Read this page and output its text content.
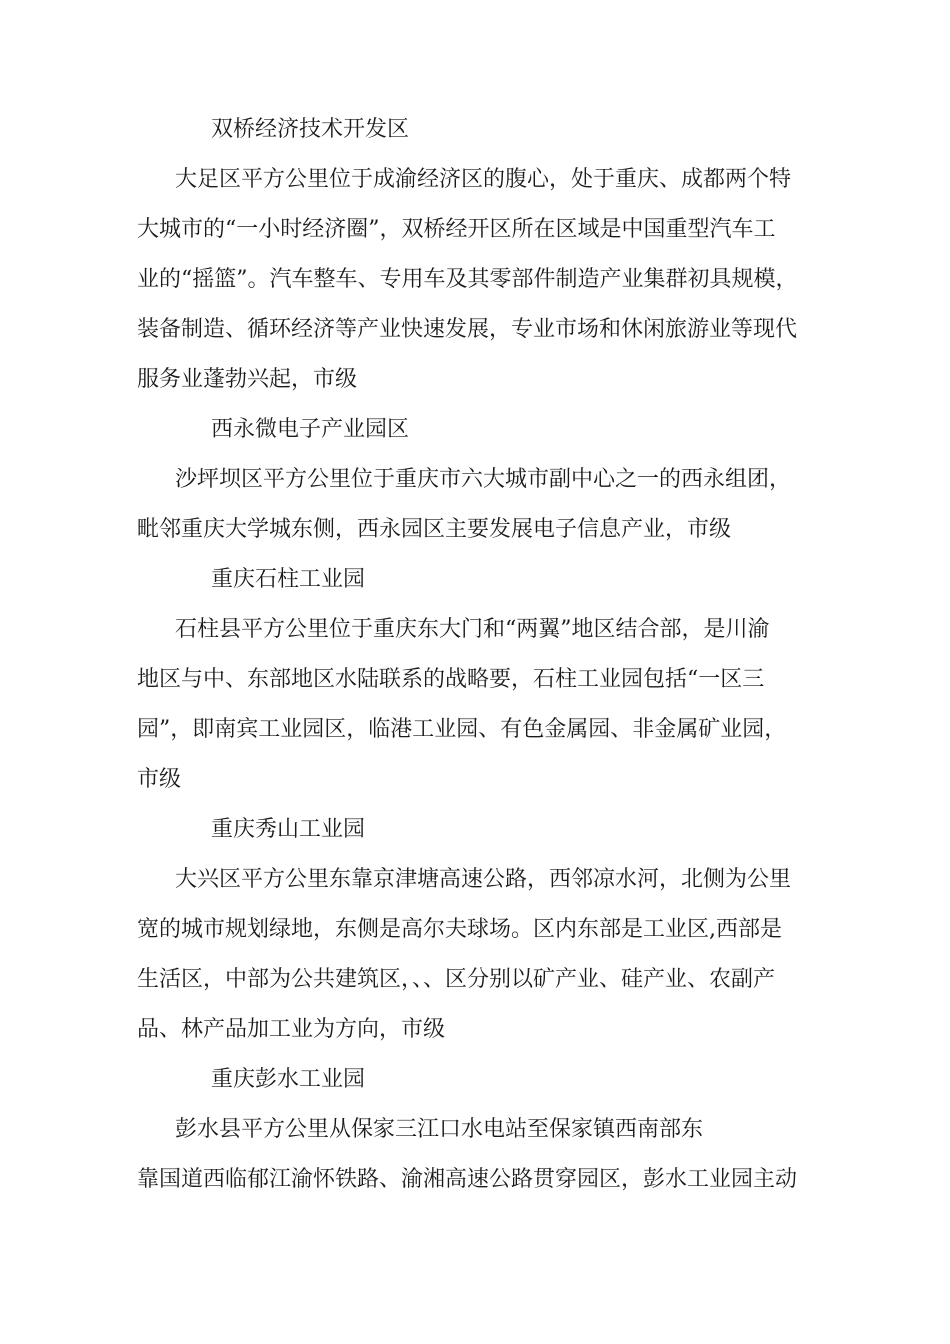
双桥经济技术开发区

大足区平方公里位于成渝经济区的腹心，处于重庆、成都两个特
大城市的“一小时经济圈”，双桥经开区所在区域是中国重型汽车工
业的“摇篮”。汽车整车、专用车及其零部件制造产业集群初具规模，
装备制造、循环经济等产业快速发展，专业市场和休闲旅游业等现代
服务业蓬勃兴起，市级

西永微电子产业园区

沙坪坝区平方公里位于重庆市六大城市副中心之一的西永组团，
毗邻重庆大学城东侧，西永园区主要发展电子信息产业，市级

重庆石柱工业园

石柱县平方公里位于重庆东大门和“两翼”地区结合部，是川渝
地区与中、东部地区水陆联系的战略要，石柱工业园包括“一区三
园”，即南宾工业园区，临港工业园、有色金属园、非金属矿业园，
市级

重庆秀山工业园

大兴区平方公里东靠京津塘高速公路，西邻凉水河，北侧为公里
宽的城市规划绿地，东侧是高尔夫球场。区内东部是工业区,西部是
生活区，中部为公共建筑区，、、区分别以矿产业、硅产业、农副产
品、林产品加工业为方向，市级

重庆彭水工业园

彭水县平方公里从保家三江口水电站至保家镇西南部东
靠国道西临郁江渝怀铁路、渝湘高速公路贯穿园区，彭水工业园主动
